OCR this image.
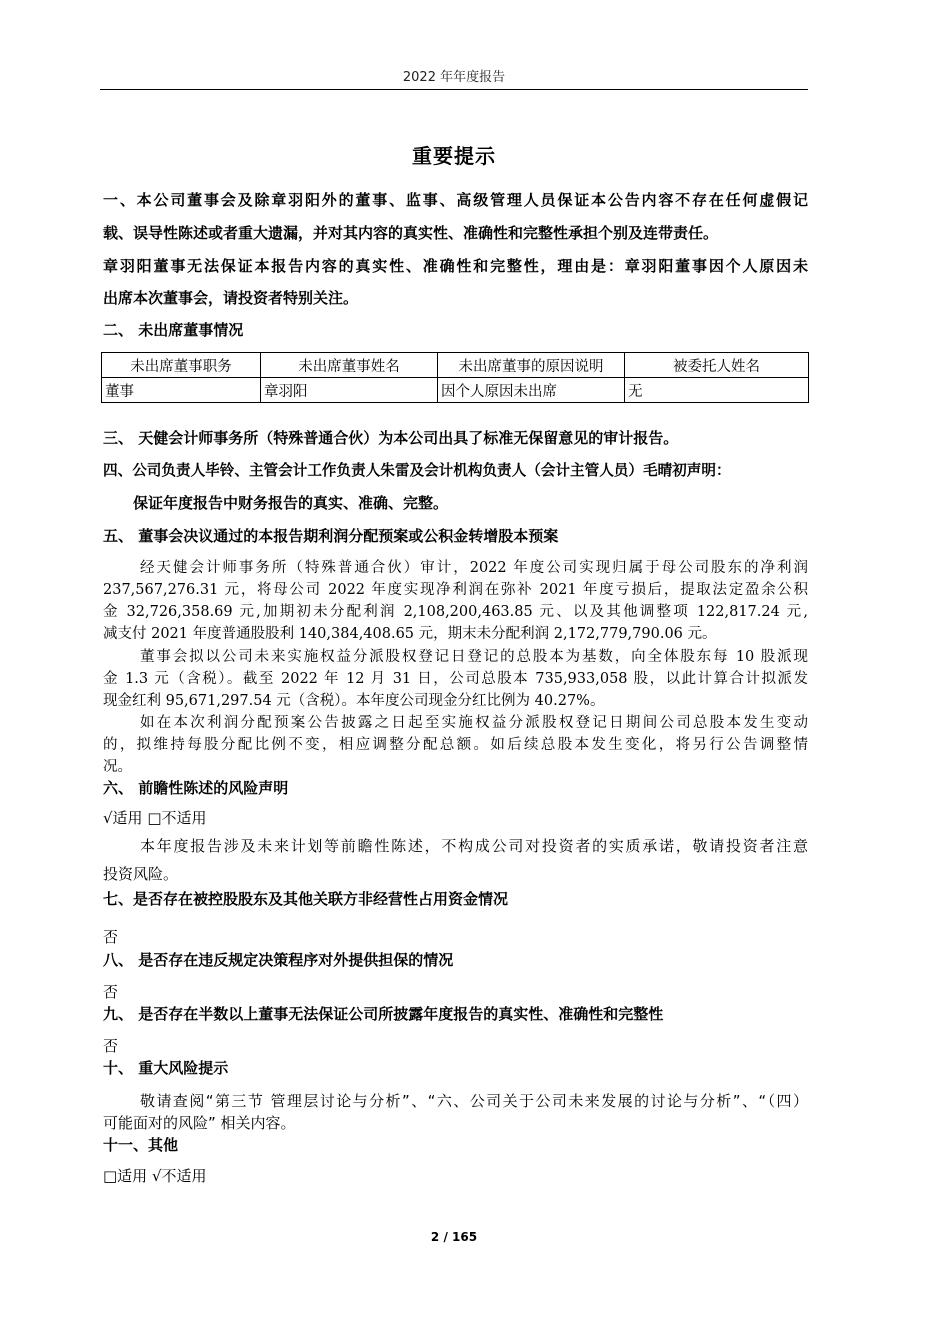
2022 年年度报告
重要提示
一、本公司董事会及除章羽阳外的董事、监事、高级管理人员保证本公告内容不存在任何虚假记
载、误导性陈述或者重大遗漏，并对其内容的真实性、准确性和完整性承担个别及连带责任。
章羽阳董事无法保证本报告内容的真实性、准确性和完整性，理由是：章羽阳董事因个人原因未
出席本次董事会，请投资者特别关注。
二、 未出席董事情况
未出席董事职务	未出席董事姓名	未出席董事的原因说明	被委托人姓名
董事	章羽阳	因个人原因未出席	无
三、 天健会计师事务所（特殊普通合伙）为本公司出具了标准无保留意见的审计报告。
四、公司负责人毕铃、主管会计工作负责人朱雷及会计机构负责人（会计主管人员）毛晴初声明：
保证年度报告中财务报告的真实、准确、完整。
五、 董事会决议通过的本报告期利润分配预案或公积金转增股本预案
经天健会计师事务所（特殊普通合伙）审计，2022 年度公司实现归属于母公司股东的净利润
237,567,276.31 元，将母公司 2022 年度实现净利润在弥补 2021 年度亏损后，提取法定盈余公积
金 32,726,358.69 元,加期初未分配利润 2,108,200,463.85 元、以及其他调整项 122,817.24 元,
减支付 2021 年度普通股股利 140,384,408.65 元，期末未分配利润 2,172,779,790.06 元。
董事会拟以公司未来实施权益分派股权登记日登记的总股本为基数，向全体股东每 10 股派现
金 1.3 元（含税）。截至 2022 年 12 月 31 日，公司总股本 735,933,058 股，以此计算合计拟派发
现金红利 95,671,297.54 元（含税）。本年度公司现金分红比例为 40.27%。
如在本次利润分配预案公告披露之日起至实施权益分派股权登记日期间公司总股本发生变动
的，拟维持每股分配比例不变，相应调整分配总额。如后续总股本发生变化，将另行公告调整情
况。
六、 前瞻性陈述的风险声明
√适用 □不适用
本年度报告涉及未来计划等前瞻性陈述，不构成公司对投资者的实质承诺，敬请投资者注意
投资风险。
七、是否存在被控股股东及其他关联方非经营性占用资金情况
否
八、 是否存在违反规定决策程序对外提供担保的情况
否
九、 是否存在半数以上董事无法保证公司所披露年度报告的真实性、准确性和完整性
否
十、 重大风险提示
敬请查阅“第三节 管理层讨论与分析”、“六、公司关于公司未来发展的讨论与分析”、“（四）
可能面对的风险” 相关内容。
十一、其他
□适用 √不适用
2 / 165
